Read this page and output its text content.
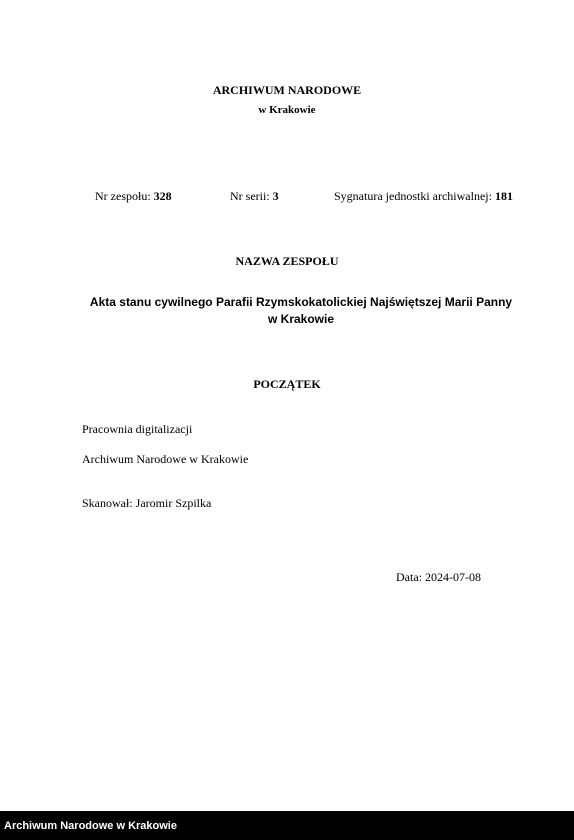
ARCHIWUM NARODOWE
w Krakowie
Nr zespołu: 328	Nr serii: 3	Sygnatura jednostki archiwalnej: 181
NAZWA ZESPOŁU
Akta stanu cywilnego Parafii Rzymskokatolickiej Najświętszej Marii Panny
w Krakowie
POCZĄTEK
Pracownia digitalizacji
Archiwum Narodowe w Krakowie
Skanował: Jaromir Szpilka
Data: 2024-07-08
Archiwum Narodowe w Krakowie
